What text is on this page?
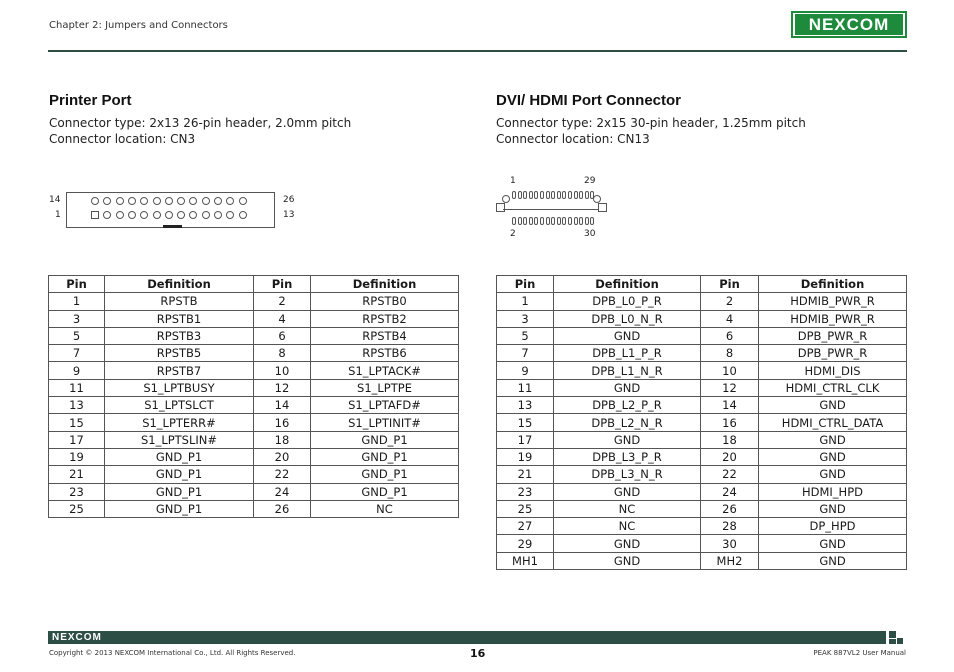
Chapter 2: Jumpers and Connectors	NEXCOM
Printer Port
Connector type: 2x13 26-pin header, 2.0mm pitch
Connector location: CN3
14
1
26
13
Pin	Definition	Pin	Definition
1	RPSTB	2	RPSTB0
3	RPSTB1	4	RPSTB2
5	RPSTB3	6	RPSTB4
7	RPSTB5	8	RPSTB6
9	RPSTB7	10	S1_LPTACK#
11	S1_LPTBUSY	12	S1_LPTPE
13	S1_LPTSLCT	14	S1_LPTAFD#
15	S1_LPTERR#	16	S1_LPTINIT#
17	S1_LPTSLIN#	18	GND_P1
19	GND_P1	20	GND_P1
21	GND_P1	22	GND_P1
23	GND_P1	24	GND_P1
25	GND_P1	26	NC
DVI/ HDMI Port Connector
Connector type: 2x15 30-pin header, 1.25mm pitch
Connector location: CN13
1	29
2	30
Pin	Definition	Pin	Definition
1	DPB_L0_P_R	2	HDMIB_PWR_R
3	DPB_L0_N_R	4	HDMIB_PWR_R
5	GND	6	DPB_PWR_R
7	DPB_L1_P_R	8	DPB_PWR_R
9	DPB_L1_N_R	10	HDMI_DIS
11	GND	12	HDMI_CTRL_CLK
13	DPB_L2_P_R	14	GND
15	DPB_L2_N_R	16	HDMI_CTRL_DATA
17	GND	18	GND
19	DPB_L3_P_R	20	GND
21	DPB_L3_N_R	22	GND
23	GND	24	HDMI_HPD
25	NC	26	GND
27	NC	28	DP_HPD
29	GND	30	GND
MH1	GND	MH2	GND
NEXCOM
Copyright © 2013 NEXCOM International Co., Ltd. All Rights Reserved.	16	PEAK 887VL2 User Manual
